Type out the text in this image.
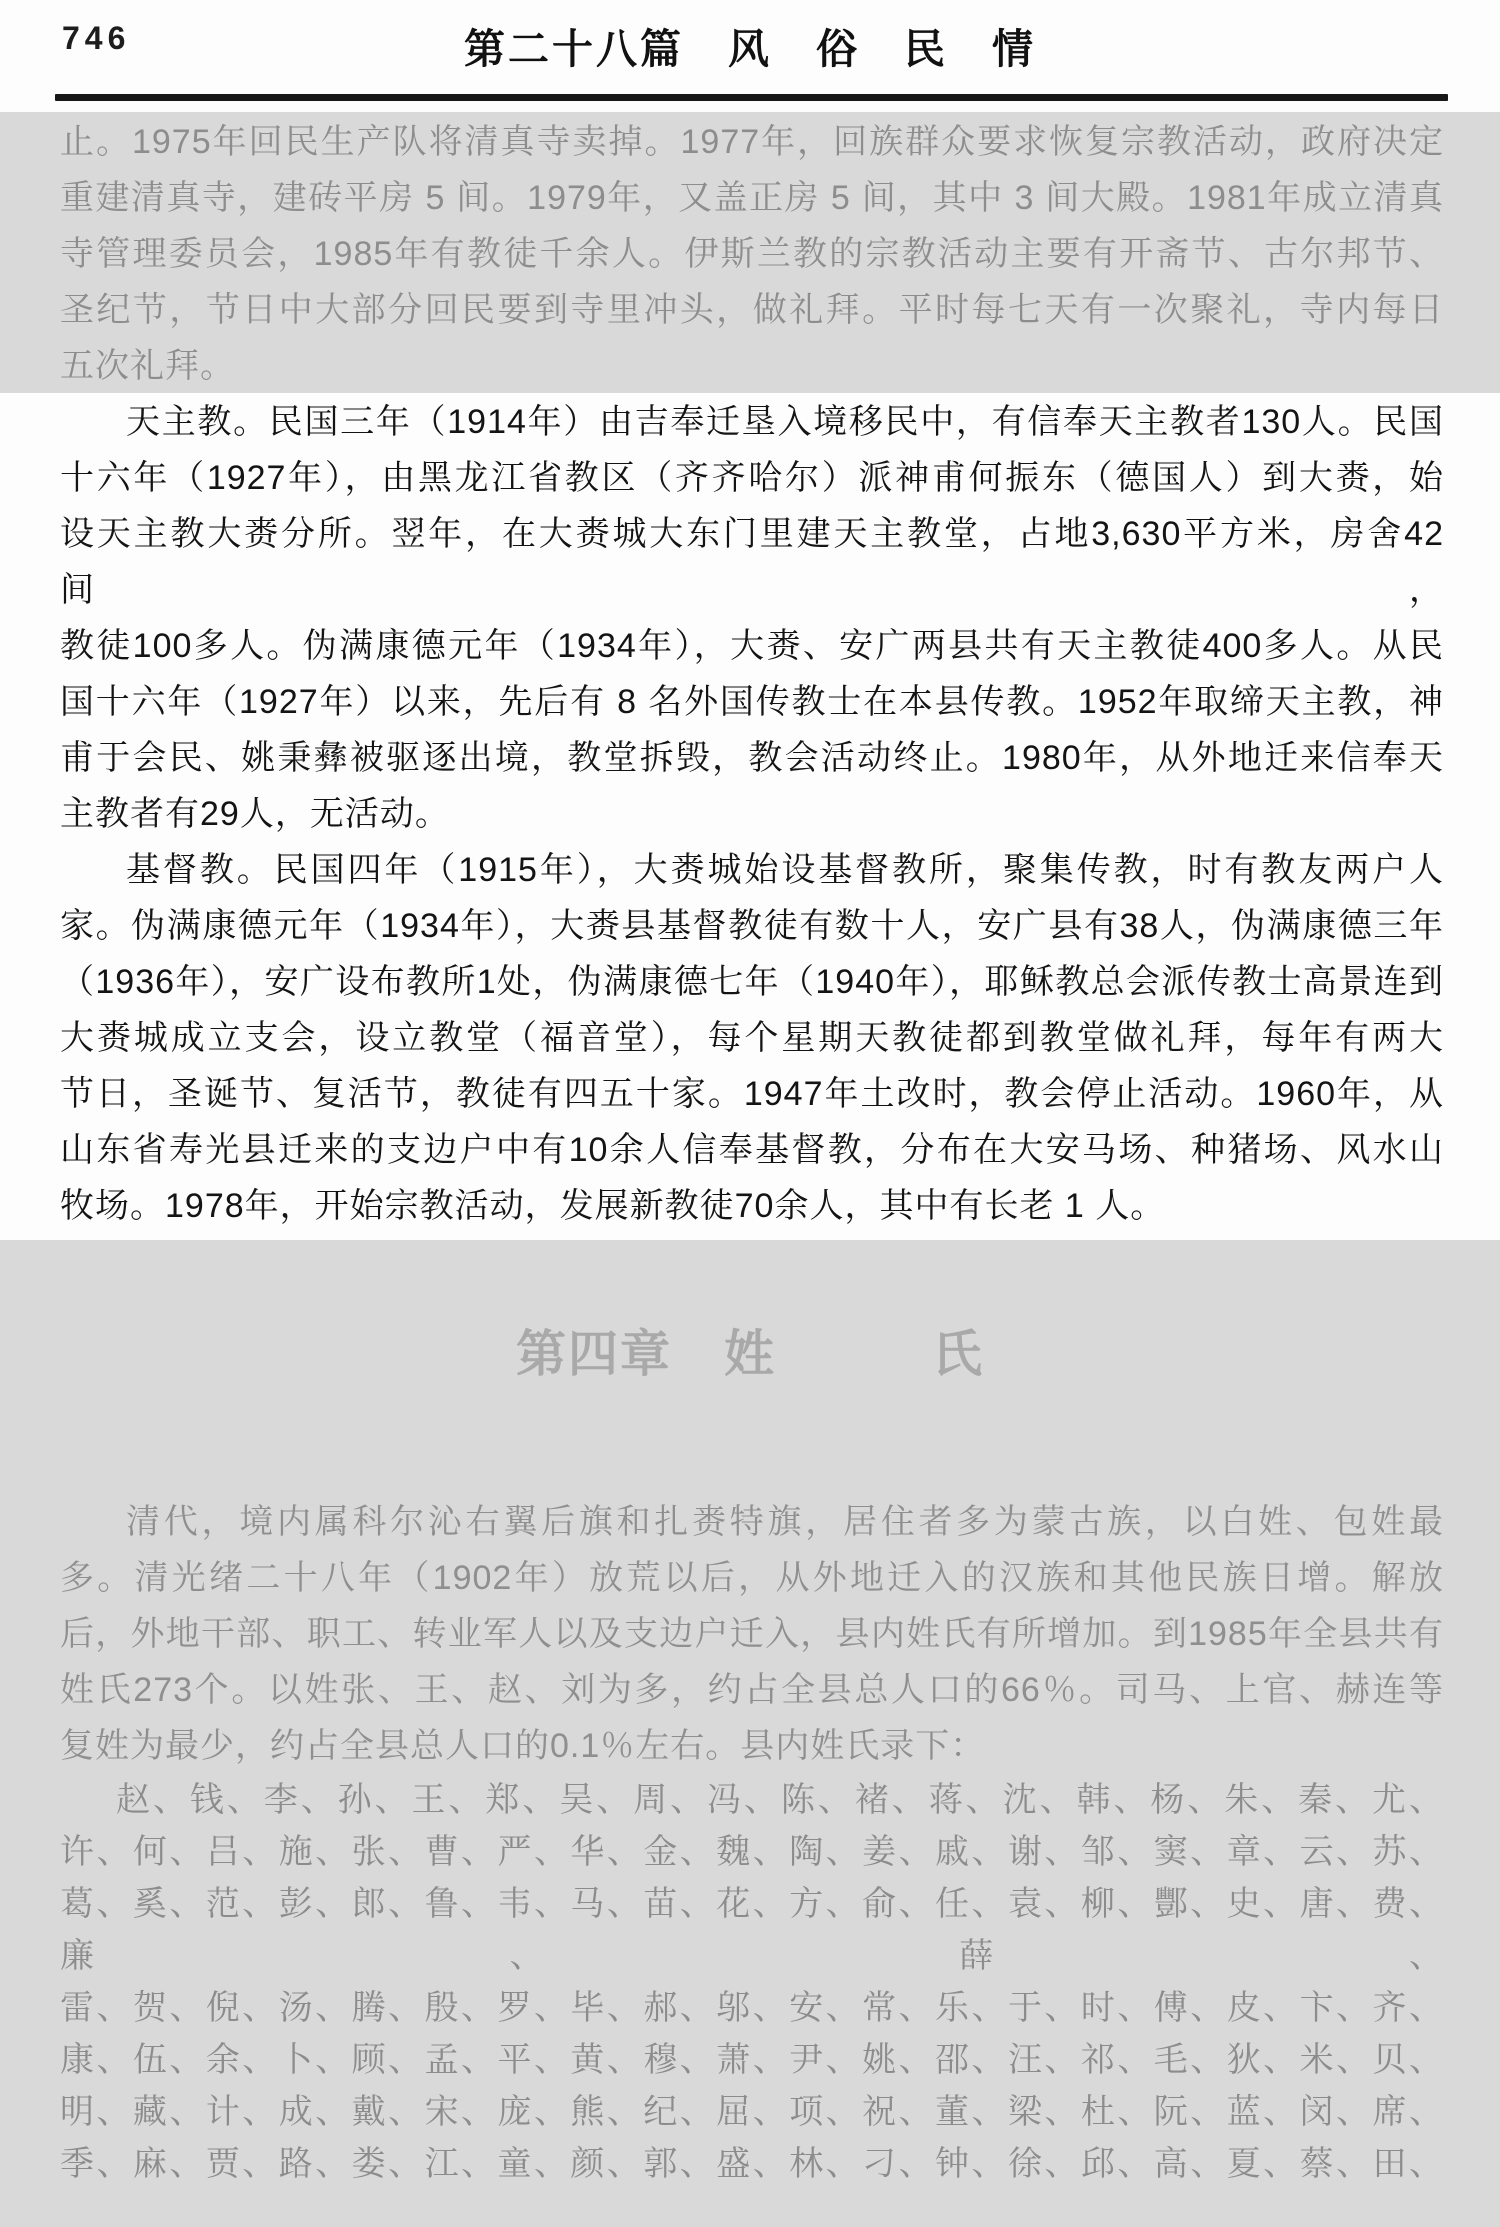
746	第二十八篇　风　俗　民　情
止。1975年回民生产队将清真寺卖掉。1977年，回族群众要求恢复宗教活动，政府决定
重建清真寺，建砖平房 5 间。1979年，又盖正房 5 间，其中 3 间大殿。1981年成立清真
寺管理委员会，1985年有教徒千余人。伊斯兰教的宗教活动主要有开斋节、古尔邦节、
圣纪节，节日中大部分回民要到寺里冲头，做礼拜。平时每七天有一次聚礼，寺内每日
五次礼拜。
天主教。民国三年（1914年）由吉奉迁垦入境移民中，有信奉天主教者130人。民国
十六年（1927年），由黑龙江省教区（齐齐哈尔）派神甫何振东（德国人）到大赉，始
设天主教大赉分所。翌年，在大赉城大东门里建天主教堂，占地3,630平方米，房舍42间，
教徒100多人。伪满康德元年（1934年），大赉、安广两县共有天主教徒400多人。从民
国十六年（1927年）以来，先后有 8 名外国传教士在本县传教。1952年取缔天主教，神
甫于会民、姚秉彝被驱逐出境，教堂拆毁，教会活动终止。1980年，从外地迁来信奉天
主教者有29人，无活动。
基督教。民国四年（1915年），大赉城始设基督教所，聚集传教，时有教友两户人
家。伪满康德元年（1934年），大赉县基督教徒有数十人，安广县有38人，伪满康德三年
（1936年），安广设布教所1处，伪满康德七年（1940年），耶稣教总会派传教士高景连到
大赉城成立支会，设立教堂（福音堂），每个星期天教徒都到教堂做礼拜，每年有两大
节日，圣诞节、复活节，教徒有四五十家。1947年土改时，教会停止活动。1960年，从
山东省寿光县迁来的支边户中有10余人信奉基督教，分布在大安马场、种猪场、风水山
牧场。1978年，开始宗教活动，发展新教徒70余人，其中有长老 1 人。
第四章　姓　　　氏
清代，境内属科尔沁右翼后旗和扎赉特旗，居住者多为蒙古族，以白姓、包姓最
多。清光绪二十八年（1902年）放荒以后，从外地迁入的汉族和其他民族日增。解放
后，外地干部、职工、转业军人以及支边户迁入，县内姓氏有所增加。到1985年全县共有
姓氏273个。以姓张、王、赵、刘为多，约占全县总人口的66％。司马、上官、赫连等
复姓为最少，约占全县总人口的0.1％左右。县内姓氏录下：
赵、钱、李、孙、王、郑、吴、周、冯、陈、褚、蒋、沈、韩、杨、朱、秦、尤、
许、何、吕、施、张、曹、严、华、金、魏、陶、姜、戚、谢、邹、窦、章、云、苏、
葛、奚、范、彭、郎、鲁、韦、马、苗、花、方、俞、任、袁、柳、酆、史、唐、费、廉、薛、
雷、贺、倪、汤、腾、殷、罗、毕、郝、邬、安、常、乐、于、时、傅、皮、卞、齐、
康、伍、余、卜、顾、孟、平、黄、穆、萧、尹、姚、邵、汪、祁、毛、狄、米、贝、
明、藏、计、成、戴、宋、庞、熊、纪、屈、项、祝、董、梁、杜、阮、蓝、闵、席、
季、麻、贾、路、娄、江、童、颜、郭、盛、林、刁、钟、徐、邱、高、夏、蔡、田、
